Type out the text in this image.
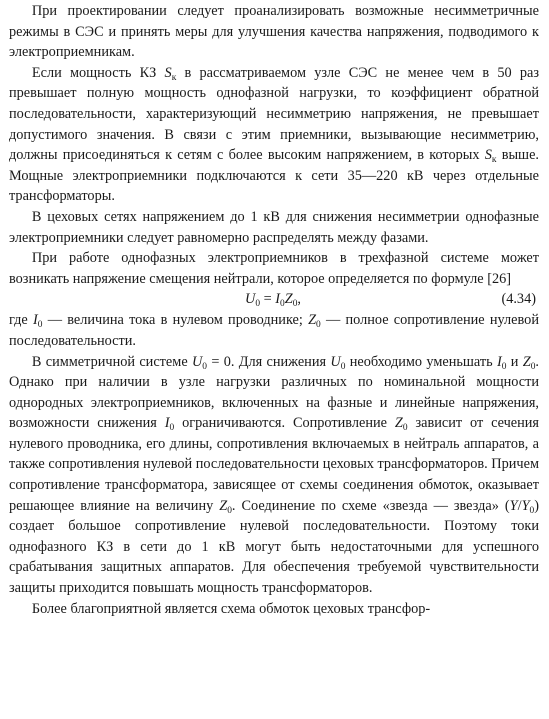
При проектировании следует проанализировать возможные несимметричные режимы в СЭС и принять меры для улучшения качества напряжения, подводимого к электроприемникам.

Если мощность КЗ $S_к$ в рассматриваемом узле СЭС не менее чем в 50 раз превышает полную мощность однофазной нагрузки, то коэффициент обратной последовательности, характеризующий несимметрию напряжения, не превышает допустимого значения. В связи с этим приемники, вызывающие несимметрию, должны присоединяться к сетям с более высоким напряжением, в которых $S_к$ выше. Мощные электроприемники подключаются к сети 35—220 кВ через отдельные трансформаторы.

В цеховых сетях напряжением до 1 кВ для снижения несимметрии однофазные электроприемники следует равномерно распределять между фазами.

При работе однофазных электроприемников в трехфазной системе может возникать напряжение смещения нейтрали, которое определяется по формуле [26]

$U_0 = I_0Z_0$,	(4.34)

где $I_0$ — величина тока в нулевом проводнике; $Z_0$ — полное сопротивление нулевой последовательности.

В симметричной системе $U_0 = 0$. Для снижения $U_0$ необходимо уменьшать $I_0$ и $Z_0$. Однако при наличии в узле нагрузки различных по номинальной мощности однородных электроприемников, включенных на фазные и линейные напряжения, возможности снижения $I_0$ ограничиваются. Сопротивление $Z_0$ зависит от сечения нулевого проводника, его длины, сопротивления включаемых в нейтраль аппаратов, а также сопротивления нулевой последовательности цеховых трансформаторов. Причем сопротивление трансформатора, зависящее от схемы соединения обмоток, оказывает решающее влияние на величину $Z_0$. Соединение по схеме «звезда — звезда» $(Y/Y_0)$ создает большое сопротивление нулевой последовательности. Поэтому токи однофазного КЗ в сети до 1 кВ могут быть недостаточными для успешного срабатывания защитных аппаратов. Для обеспечения требуемой чувствительности защиты приходится повышать мощность трансформаторов.

Более благоприятной является схема обмоток цеховых трансфор-
